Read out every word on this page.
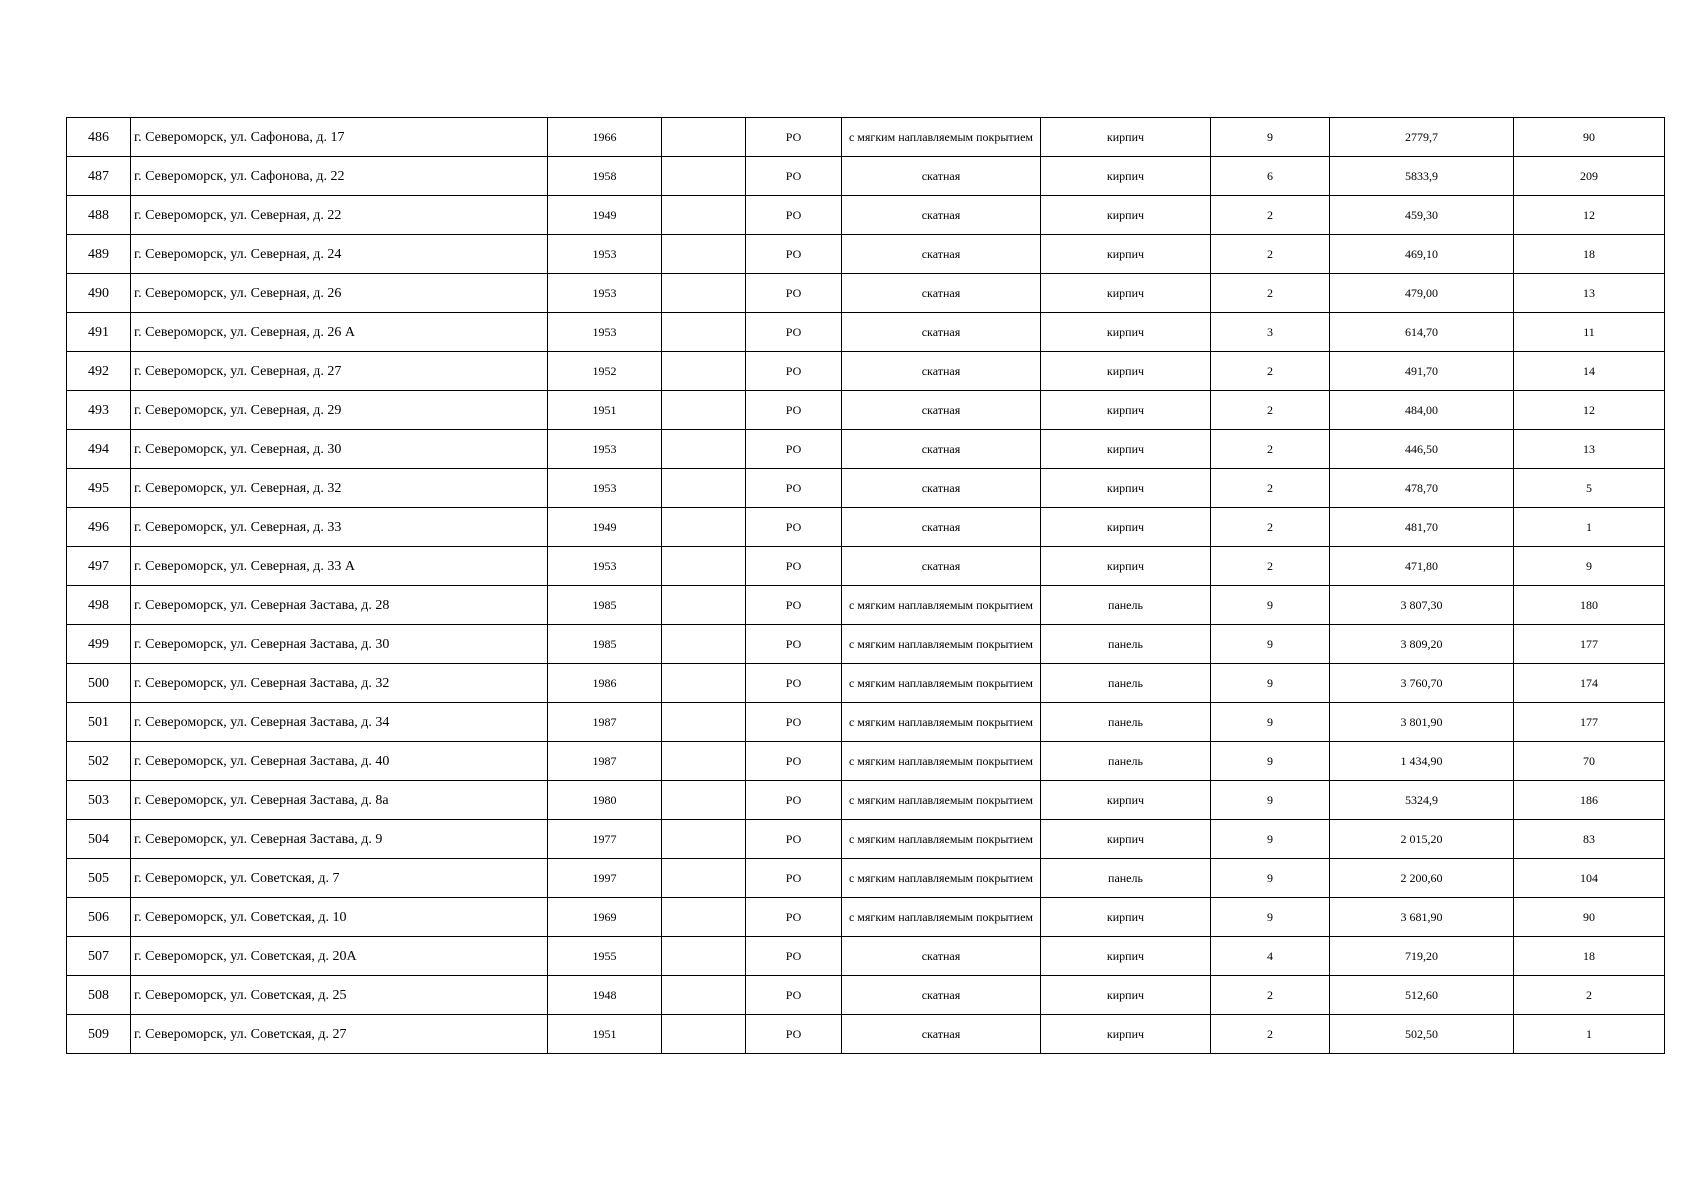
486	г. Североморск, ул. Сафонова, д. 17	1966		РО	с мягким наплавляемым покрытием	кирпич	9	2779,7	90
487	г. Североморск, ул. Сафонова, д. 22	1958		РО	скатная	кирпич	6	5833,9	209
488	г. Североморск, ул. Северная, д. 22	1949		РО	скатная	кирпич	2	459,30	12
489	г. Североморск, ул. Северная, д. 24	1953		РО	скатная	кирпич	2	469,10	18
490	г. Североморск, ул. Северная, д. 26	1953		РО	скатная	кирпич	2	479,00	13
491	г. Североморск, ул. Северная, д. 26 А	1953		РО	скатная	кирпич	3	614,70	11
492	г. Североморск, ул. Северная, д. 27	1952		РО	скатная	кирпич	2	491,70	14
493	г. Североморск, ул. Северная, д. 29	1951		РО	скатная	кирпич	2	484,00	12
494	г. Североморск, ул. Северная, д. 30	1953		РО	скатная	кирпич	2	446,50	13
495	г. Североморск, ул. Северная, д. 32	1953		РО	скатная	кирпич	2	478,70	5
496	г. Североморск, ул. Северная, д. 33	1949		РО	скатная	кирпич	2	481,70	1
497	г. Североморск, ул. Северная, д. 33 А	1953		РО	скатная	кирпич	2	471,80	9
498	г. Североморск, ул. Северная Застава, д. 28	1985		РО	с мягким наплавляемым покрытием	панель	9	3 807,30	180
499	г. Североморск, ул. Северная Застава, д. 30	1985		РО	с мягким наплавляемым покрытием	панель	9	3 809,20	177
500	г. Североморск, ул. Северная Застава, д. 32	1986		РО	с мягким наплавляемым покрытием	панель	9	3 760,70	174
501	г. Североморск, ул. Северная Застава, д. 34	1987		РО	с мягким наплавляемым покрытием	панель	9	3 801,90	177
502	г. Североморск, ул. Северная Застава, д. 40	1987		РО	с мягким наплавляемым покрытием	панель	9	1 434,90	70
503	г. Североморск, ул. Северная Застава, д. 8а	1980		РО	с мягким наплавляемым покрытием	кирпич	9	5324,9	186
504	г. Североморск, ул. Северная Застава, д. 9	1977		РО	с мягким наплавляемым покрытием	кирпич	9	2 015,20	83
505	г. Североморск, ул. Советская, д. 7	1997		РО	с мягким наплавляемым покрытием	панель	9	2 200,60	104
506	г. Североморск, ул. Советская, д. 10	1969		РО	с мягким наплавляемым покрытием	кирпич	9	3 681,90	90
507	г. Североморск, ул. Советская, д. 20А	1955		РО	скатная	кирпич	4	719,20	18
508	г. Североморск, ул. Советская, д. 25	1948		РО	скатная	кирпич	2	512,60	2
509	г. Североморск, ул. Советская, д. 27	1951		РО	скатная	кирпич	2	502,50	1
